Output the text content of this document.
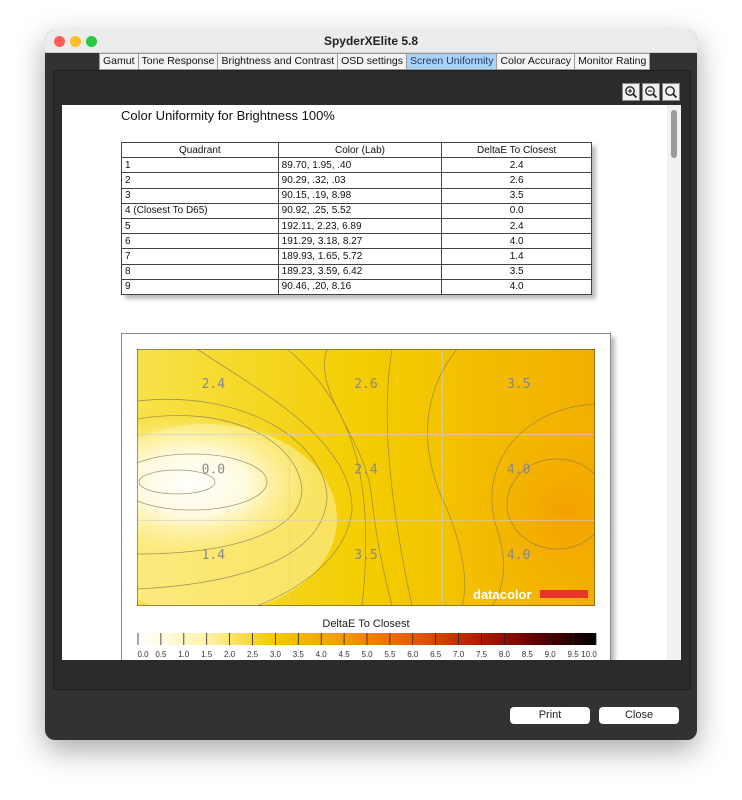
SpyderXElite 5.8
Gamut Tone Response Brightness and Contrast OSD settings Screen Uniformity Color Accuracy Monitor Rating
Color Uniformity for Brightness 100%
Quadrant	Color (Lab)	DeltaE To Closest
1	89.70, 1.95, .40	2.4
2	90.29, .32, .03	2.6
3	90.15, .19, 8.98	3.5
4 (Closest To D65)	90.92, .25, 5.52	0.0
5	192.11, 2.23, 6.89	2.4
6	191.29, 3.18, 8.27	4.0
7	189.93, 1.65, 5.72	1.4
8	189.23, 3.59, 6.42	3.5
9	90.46, .20, 8.16	4.0
2.4	2.6	3.5
0.0	2.4	4.0
1.4	3.5	4.0
datacolor
DeltaE To Closest
0.0 0.5 1.0 1.5 2.0 2.5 3.0 3.5 4.0 4.5 5.0 5.5 6.0 6.5 7.0 7.5 8.0 8.5 9.0 9.5 10.0
Print	Close
